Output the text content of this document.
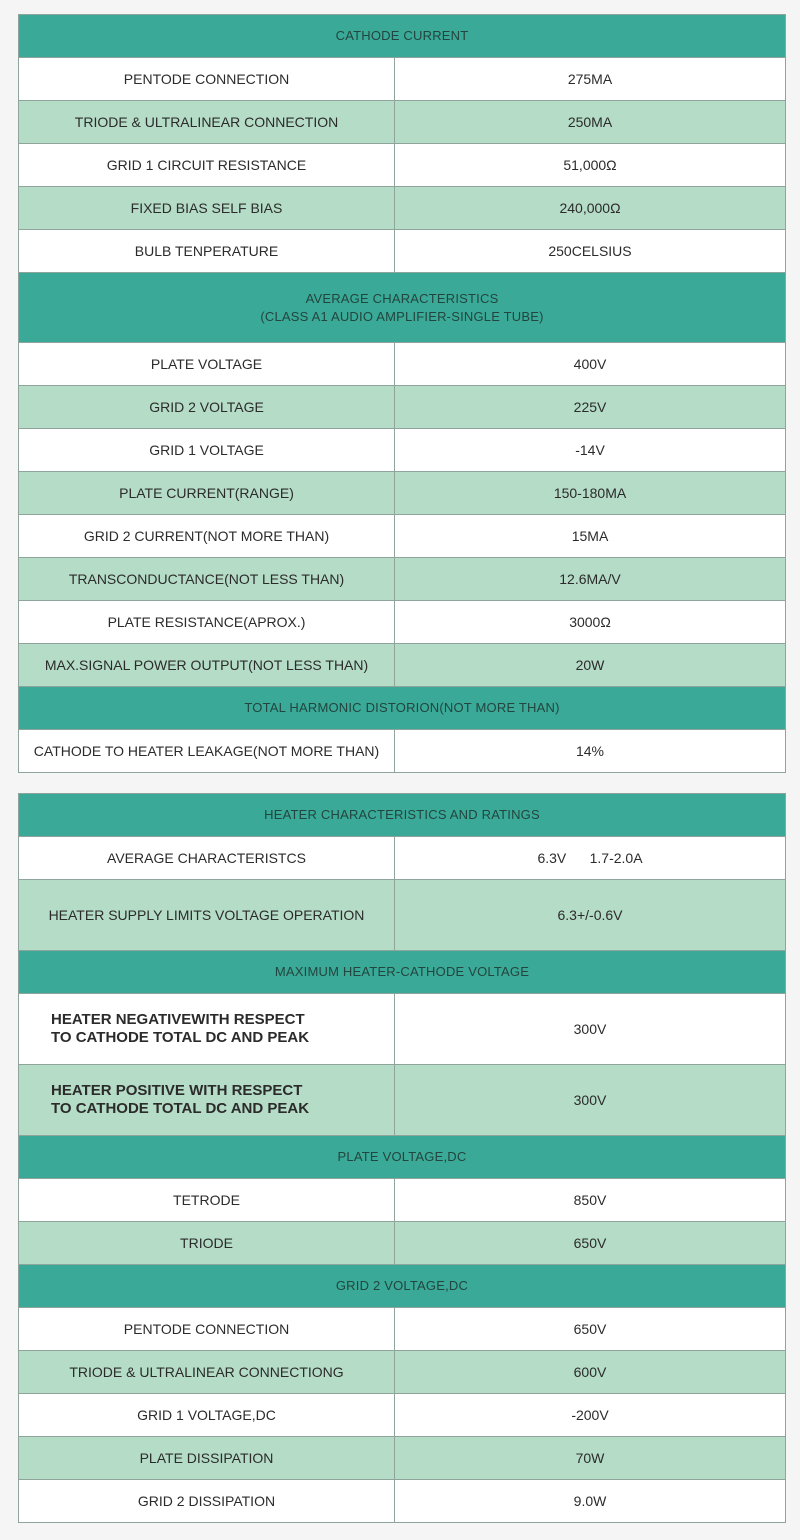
CATHODE CURRENT	
PENTODE CONNECTION	275MA
TRIODE & ULTRALINEAR CONNECTION	250MA
GRID 1 CIRCUIT RESISTANCE	51,000Ω
FIXED BIAS SELF BIAS	240,000Ω
BULB TENPERATURE	250CELSIUS

AVERAGE CHARACTERISTICS
(CLASS A1 AUDIO AMPLIFIER-SINGLE TUBE)	

PLATE VOLTAGE	400V
GRID 2 VOLTAGE	225V
GRID 1 VOLTAGE	-14V
PLATE CURRENT(RANGE)	150-180MA
GRID 2 CURRENT(NOT MORE THAN)	15MA
TRANSCONDUCTANCE(NOT LESS THAN)	12.6MA/V
PLATE RESISTANCE(APROX.)	3000Ω
MAX.SIGNAL POWER OUTPUT(NOT LESS THAN)	20W
TOTAL HARMONIC DISTORION(NOT MORE THAN)	
CATHODE TO HEATER LEAKAGE(NOT MORE THAN)	14%
HEATER CHARACTERISTICS AND RATINGS	
AVERAGE CHARACTERISTCS	6.3V      1.7-2.0A
HEATER SUPPLY LIMITS VOLTAGE OPERATION	6.3+/-0.6V
MAXIMUM HEATER-CATHODE VOLTAGE	

HEATER NEGATIVEWITH RESPECT
TO CATHODE TOTAL DC AND PEAK	300V

HEATER POSITIVE WITH RESPECT
TO CATHODE TOTAL DC AND PEAK	300V
PLATE VOLTAGE,DC	
TETRODE	850V
TRIODE	650V
GRID 2 VOLTAGE,DC	
PENTODE CONNECTION	650V
TRIODE & ULTRALINEAR CONNECTIONG	600V
GRID 1 VOLTAGE,DC	-200V
PLATE DISSIPATION	70W
GRID 2 DISSIPATION	9.0W
